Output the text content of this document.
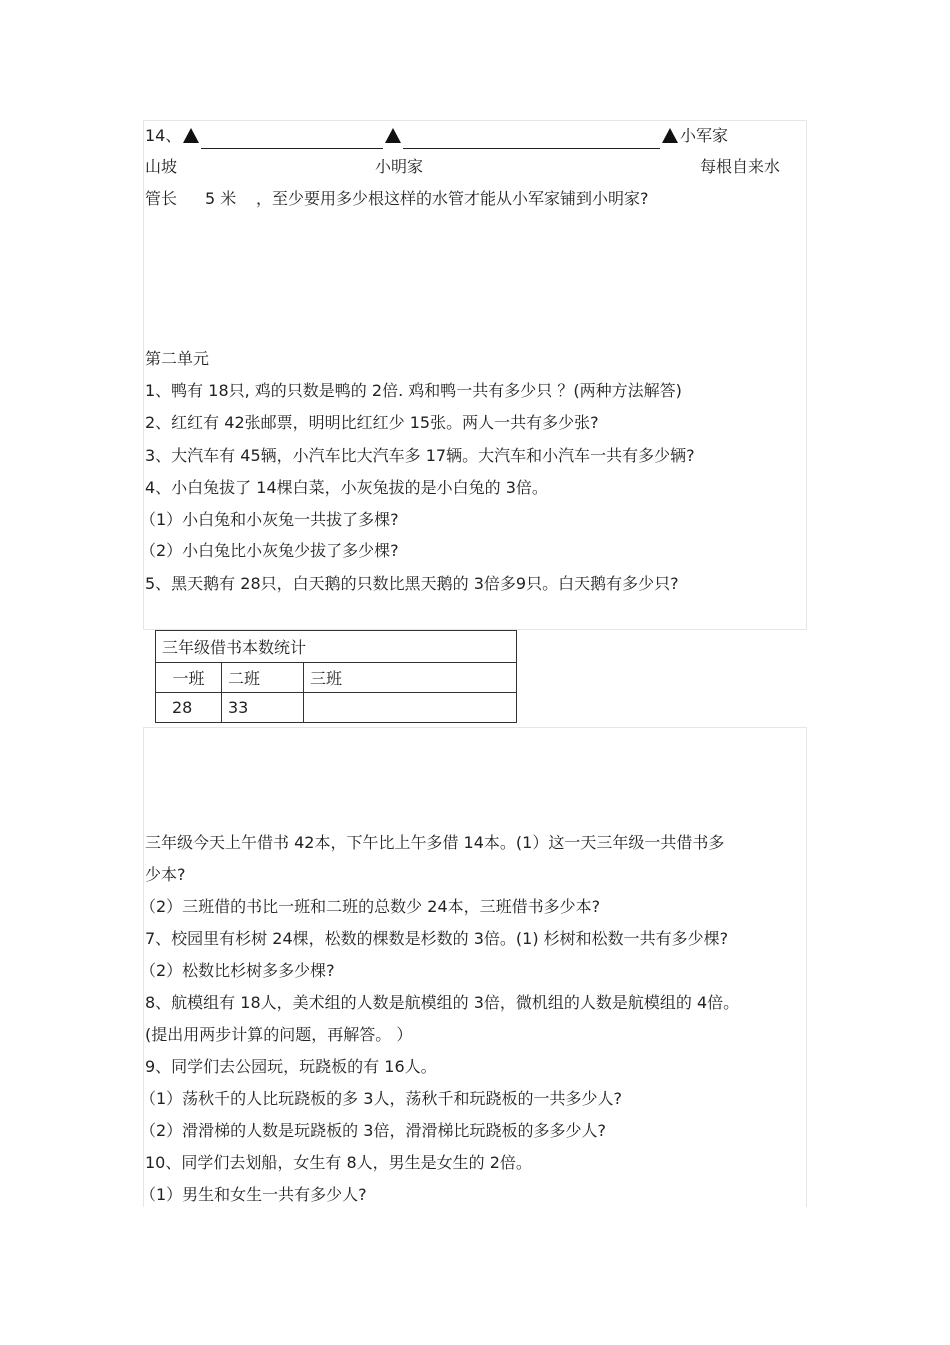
14、	小军家
山坡	小明家	每根自来水
管长 5 米 ，至少要用多少根这样的水管才能从小军家铺到小明家?
第二单元
1、鸭有 18只, 鸡的只数是鸭的 2倍. 鸡和鸭一共有多少只 ？(两种方法解答)
2、红红有 42张邮票，明明比红红少 15张。两人一共有多少张?
3、大汽车有 45辆，小汽车比大汽车多 17辆。大汽车和小汽车一共有多少辆?
4、小白兔拔了 14棵白菜，小灰兔拔的是小白兔的 3倍。
（1）小白兔和小灰兔一共拔了多棵?
（2）小白兔比小灰兔少拔了多少棵?
5、黑天鹅有 28只，白天鹅的只数比黑天鹅的 3倍多9只。白天鹅有多少只?
三年级借书本数统计		
一班	二班	三班
28	33	
三年级今天上午借书 42本，下午比上午多借 14本。(1）这一天三年级一共借书多
少本?
（2）三班借的书比一班和二班的总数少 24本，三班借书多少本?
7、校园里有杉树 24棵，松数的棵数是杉数的 3倍。(1) 杉树和松数一共有多少棵?
（2）松数比杉树多多少棵?
8、航模组有 18人，美术组的人数是航模组的 3倍，微机组的人数是航模组的 4倍。
(提出用两步计算的问题，再解答。 ）
9、同学们去公园玩，玩跷板的有 16人。
（1）荡秋千的人比玩跷板的多 3人，荡秋千和玩跷板的一共多少人?
（2）滑滑梯的人数是玩跷板的 3倍，滑滑梯比玩跷板的多多少人?
10、同学们去划船，女生有 8人，男生是女生的 2倍。
（1）男生和女生一共有多少人?
